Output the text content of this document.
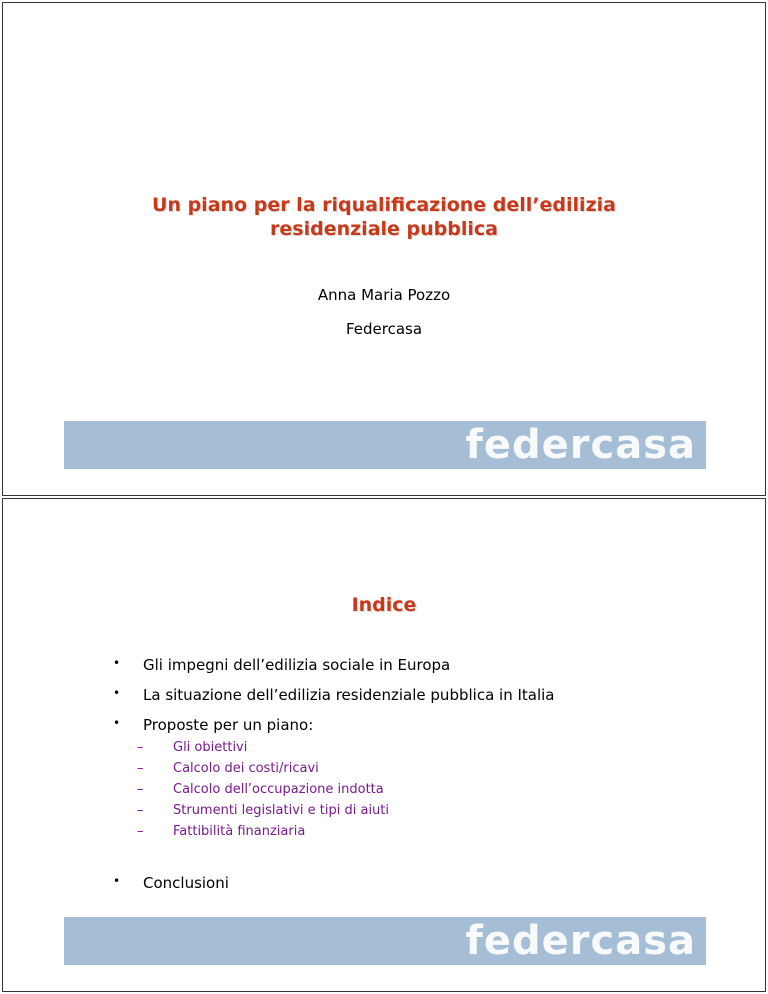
Un piano per la riqualificazione dell’edilizia
residenziale pubblica
Anna Maria Pozzo
Federcasa
federcasa
Indice
• Gli impegni dell’edilizia sociale in Europa
• La situazione dell’edilizia residenziale pubblica in Italia
• Proposte per un piano:
– Gli obiettivi
– Calcolo dei costi/ricavi
– Calcolo dell’occupazione indotta
– Strumenti legislativi e tipi di aiuti
– Fattibilità finanziaria
• Conclusioni
federcasa
